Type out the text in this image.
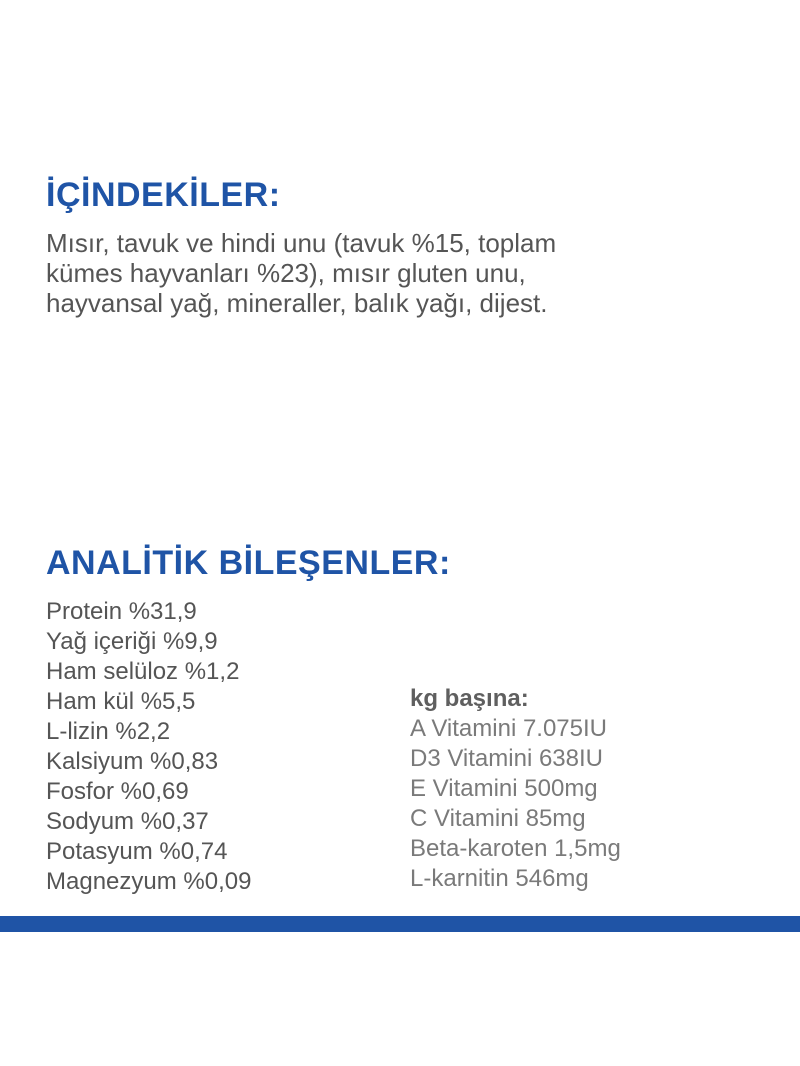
İÇİNDEKİLER:

Mısır, tavuk ve hindi unu (tavuk %15, toplam
kümes hayvanları %23), mısır gluten unu,
hayvansal yağ, mineraller, balık yağı, dijest.

ANALİTİK BİLEŞENLER:
Protein %31,9
Yağ içeriği %9,9
Ham selüloz %1,2
Ham kül %5,5
L-lizin %2,2
Kalsiyum %0,83
Fosfor %0,69
Sodyum %0,37
Potasyum %0,74
Magnezyum %0,09

kg başına:

A Vitamini 7.075IU
D3 Vitamini 638IU
E Vitamini 500mg
C Vitamini 85mg
Beta-karoten 1,5mg
L-karnitin 546mg
